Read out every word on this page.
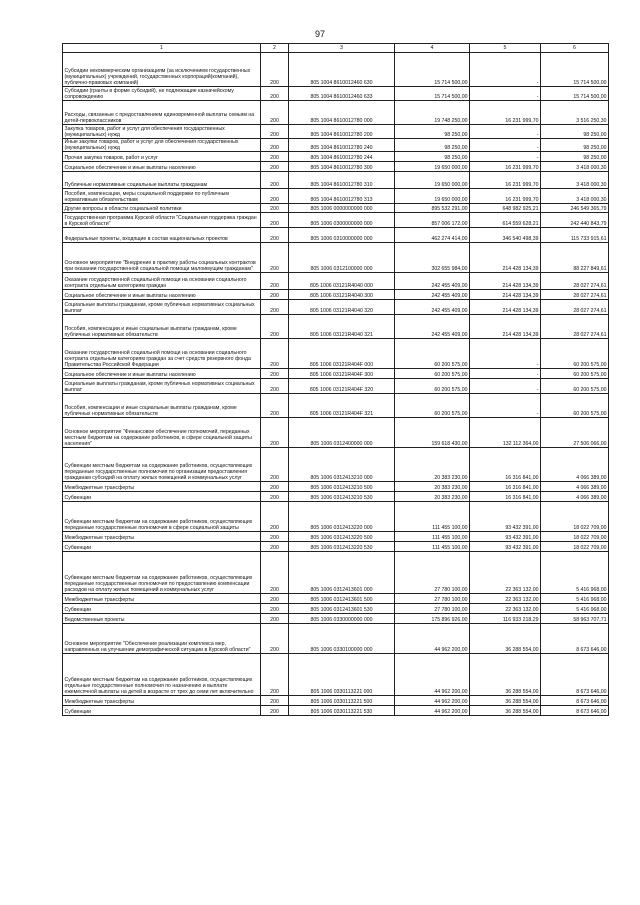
97
1	2	3	4	5	6
Субсидии некоммерческим организациям (за исключением государственных (муниципальных) учреждений, государственных корпораций(компаний), публично-правовых компаний)	200	805 1004 8610012460 630	15 714 500,00	-	15 714 500,00
Субсидии (гранты в форме субсидий), не подлежащие казначейскому сопровождению	200	805 1004 8610012460 633	15 714 500,00	-	15 714 500,00
Расходы, связанные с предоставлением единовременной выплаты семьям на детей-первоклассников	200	805 1004 8610012780 000	19 748 250,00	16 231 999,70	3 516 250,30
Закупка товаров, работ и услуг для обеспечения государственных (муниципальных) нужд	200	805 1004 8610012780 200	98 250,00	-	98 250,00
Иные закупки товаров, работ и услуг для обеспечения государственных (муниципальных) нужд	200	805 1004 8610012780 240	98 250,00	-	98 250,00
Прочая закупка товаров, работ и услуг	200	805 1004 8610012780 244	98 250,00	-	98 250,00
Социальное обеспечение и иные выплаты населению	200	805 1004 8610012780 300	19 650 000,00	16 231 999,70	3 418 000,30
Публичные нормативные социальные выплаты гражданам	200	805 1004 8610012780 310	19 650 000,00	16 231 999,70	3 418 000,30
Пособия, компенсации, меры социальной поддержки по публичным нормативным обязательствам	200	805 1004 8610012780 313	19 650 000,00	16 231 999,70	3 418 000,30
Другие вопросы в области социальной политики	200	805 1006 0000000000 000	895 532 291,00	648 982 925,21	246 549 365,79
Государственная программа Курской области "Социальная поддержка граждан в Курской области"	200	805 1006 0300000000 000	857 006 172,00	614 559 628,21	242 440 843,79
Федеральные проекты, входящие в состав национальных проектов	200	805 1006 0310000000 000	462 274 414,00	346 540 498,39	115 733 915,61
Основное мероприятие "Внедрение в практику работы социальных контрактов при оказании государственной социальной помощи малоимущим гражданам"	200	805 1006 0312100000 000	302 655 984,00	214 428 134,39	88 227 849,61
Оказание государственной социальной помощи на основании социального контракта отдельным категориям граждан	200	805 1006 03121R4040 000	242 455 409,00	214 428 134,39	28 027 274,61
Социальное обеспечение и иные выплаты населению	200	805 1006 03121R4040 300	242 455 409,00	214 428 134,39	28 027 274,61
Социальные выплаты гражданам, кроме публичных нормативных социальных выплат	200	805 1006 03121R4040 320	242 455 409,00	214 428 134,39	28 027 274,61
Пособия, компенсации и иные социальные выплаты гражданам, кроме публичных нормативных обязательств	200	805 1006 03121R4040 321	242 455 409,00	214 428 134,39	28 027 274,61
Оказание государственной социальной помощи на основании социального контракта отдельным категориям граждан за счет средств резервного фонда Правительства Российской Федерации	200	805 1006 03121R404F 000	60 200 575,00	-	60 200 575,00
Социальное обеспечение и иные выплаты населению	200	805 1006 03121R404F 300	60 200 575,00	-	60 200 575,00
Социальные выплаты гражданам, кроме публичных нормативных социальных выплат	200	805 1006 03121R404F 320	60 200 575,00	-	60 200 575,00
Пособия, компенсации и иные социальные выплаты гражданам, кроме публичных нормативных обязательств	200	805 1006 03121R404F 321	60 200 575,00	-	60 200 575,00
Основное мероприятие "Финансовое обеспечение полномочий, переданных местным бюджетам на содержание работников, в сфере социальной защиты населения"	200	805 1006 0312400000 000	159 618 430,00	132 112 364,00	27 506 066,00
Субвенции местным бюджетам на содержание работников, осуществляющих переданные государственные полномочия по организации предоставления гражданам субсидий на оплату жилых помещений и коммунальных услуг	200	805 1006 0312413210 000	20 383 230,00	16 316 841,00	4 066 389,00
Межбюджетные трансферты	200	805 1006 0312413210 500	20 383 230,00	16 316 841,00	4 066 389,00
Субвенции	200	805 1006 0312413210 530	20 383 230,00	16 316 841,00	4 066 389,00
Субвенции местным бюджетам на содержание работников, осуществляющих переданные государственные полномочия в сфере социальной защиты	200	805 1006 0312413220 000	111 455 100,00	93 432 391,00	18 022 709,00
Межбюджетные трансферты	200	805 1006 0312413220 500	111 455 100,00	93 432 391,00	18 022 709,00
Субвенции	200	805 1006 0312413220 530	111 455 100,00	93 432 391,00	18 022 709,00
Субвенции местным бюджетам на содержание работников, осуществляющих переданные государственные полномочия по предоставлению компенсации расходов на оплату жилых помещений и коммунальных услуг	200	805 1006 0312413601 000	27 780 100,00	22 363 132,00	5 416 968,00
Межбюджетные трансферты	200	805 1006 0312413601 500	27 780 100,00	22 363 132,00	5 416 968,00
Субвенции	200	805 1006 0312413601 530	27 780 100,00	22 363 132,00	5 416 968,00
Ведомственные проекты	200	805 1006 0330000000 000	175 896 926,00	116 933 218,29	58 963 707,71
Основное мероприятие "Обеспечение реализации комплекса мер, направленных на улучшение демографической ситуации в Курской области"	200	805 1006 0330100000 000	44 962 200,00	36 288 554,00	8 673 646,00
Субвенции местным бюджетам на содержание работников, осуществляющих отдельные государственные полномочия по назначению и выплате ежемесячной выплаты на детей в возрасте от трех до семи лет включительно	200	805 1006 0330113221 000	44 962 200,00	36 288 554,00	8 673 646,00
Межбюджетные трансферты	200	805 1006 0330113221 500	44 962 200,00	36 288 554,00	8 673 646,00
Субвенции	200	805 1006 0330113221 530	44 962 200,00	36 288 554,00	8 673 646,00
